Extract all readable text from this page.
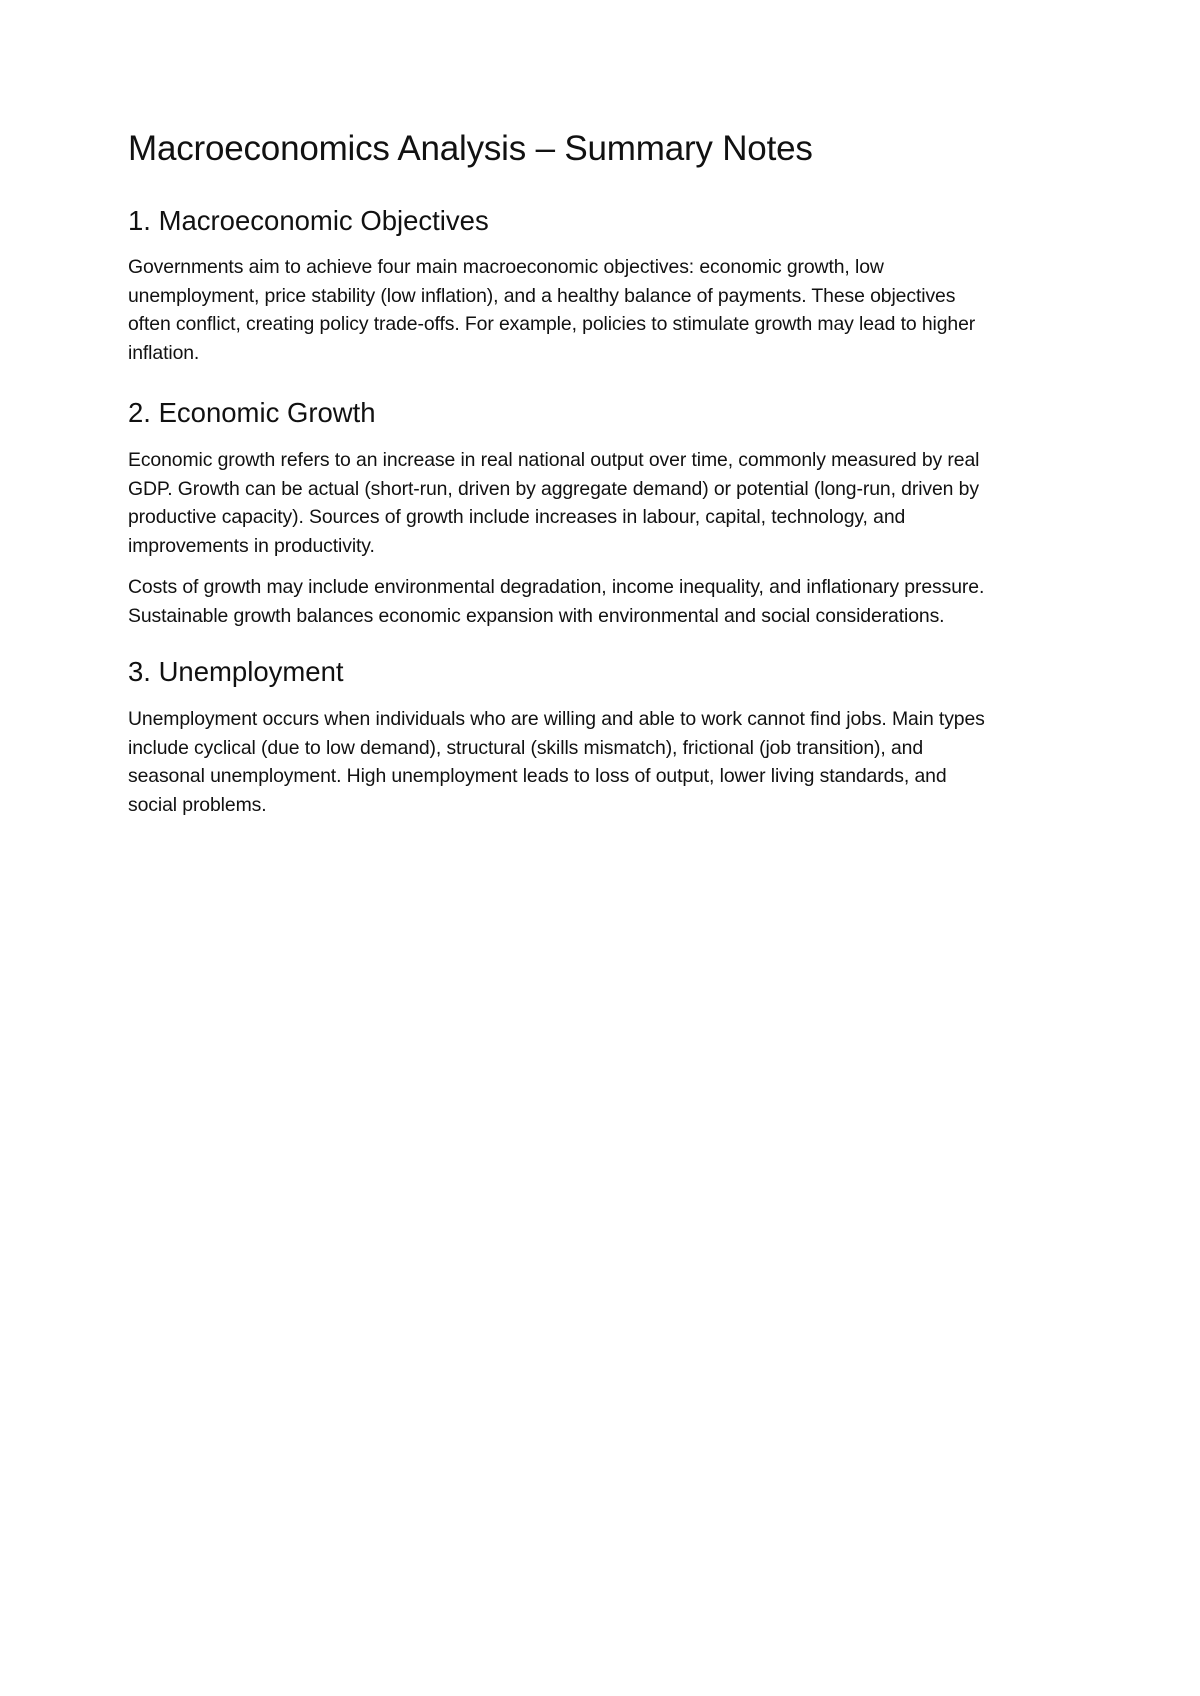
Macroeconomics Analysis – Summary Notes
1. Macroeconomic Objectives

Governments aim to achieve four main macroeconomic objectives: economic growth, low
unemployment, price stability (low inflation), and a healthy balance of payments. These objectives
often conflict, creating policy trade-offs. For example, policies to stimulate growth may lead to higher
inflation.

2. Economic Growth

Economic growth refers to an increase in real national output over time, commonly measured by real
GDP. Growth can be actual (short-run, driven by aggregate demand) or potential (long-run, driven by
productive capacity). Sources of growth include increases in labour, capital, technology, and
improvements in productivity.

Costs of growth may include environmental degradation, income inequality, and inflationary pressure.
Sustainable growth balances economic expansion with environmental and social considerations.

3. Unemployment

Unemployment occurs when individuals who are willing and able to work cannot find jobs. Main types
include cyclical (due to low demand), structural (skills mismatch), frictional (job transition), and
seasonal unemployment. High unemployment leads to loss of output, lower living standards, and
social problems.
